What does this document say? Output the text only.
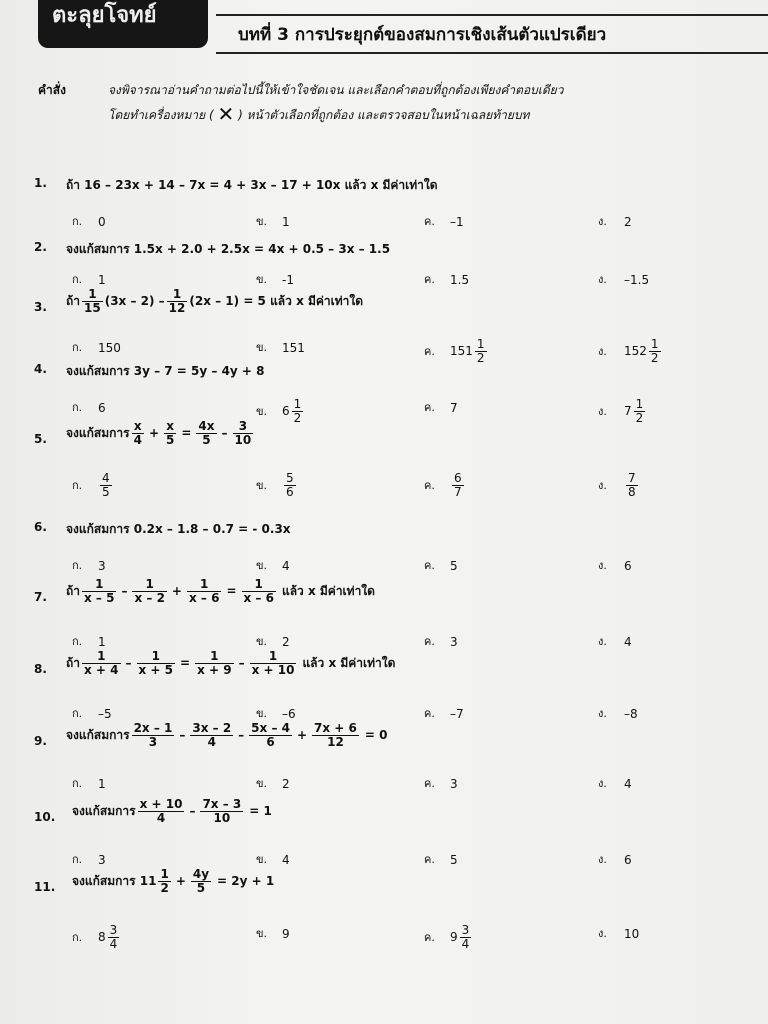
ตะลุยโจทย์
บทที่ 3 การประยุกต์ของสมการเชิงเส้นตัวแปรเดียว
คำสั่ง	จงพิจารณาอ่านคำถามต่อไปนี้ให้เข้าใจชัดเจน และเลือกคำตอบที่ถูกต้องเพียงคำตอบเดียว
โดยทำเครื่องหมาย ( ✕ ) หน้าตัวเลือกที่ถูกต้อง และตรวจสอบในหน้าเฉลยท้ายบท
1. ถ้า 16 – 23x + 14 – 7x = 4 + 3x – 17 + 10x แล้ว x มีค่าเท่าใด
ก. 0	ข. 1	ค. –1	ง. 2
2. จงแก้สมการ 1.5x + 2.0 + 2.5x = 4x + 0.5 – 3x – 1.5
ก. 1	ข. -1	ค. 1.5	ง. –1.5
3. ถ้า $\frac{1}{15} (3x - 2) - \frac{1}{12} (2x - 1) = 5$ แล้ว x มีค่าเท่าใด
ก. 150	ข. 151	ค. $151 \frac{1}{2}$	ง. $152 \frac{1}{2}$
4. จงแก้สมการ 3y – 7 = 5y – 4y + 8
ก. 6	ข. $6 \frac{1}{2}$	ค. 7	ง. $7 \frac{1}{2}$
5. จงแก้สมการ $\frac{x}{4} + \frac{x}{5} = \frac{4x}{5} - \frac{3}{10}$
ก. $\frac{4}{5}$	ข. $\frac{5}{6}$	ค. $\frac{6}{7}$	ง. $\frac{7}{8}$
6. จงแก้สมการ 0.2x – 1.8 – 0.7 = - 0.3x
ก. 3	ข. 4	ค. 5	ง. 6
7. ถ้า $\frac{1}{x - 5} - \frac{1}{x - 2} + \frac{1}{x - 6} = \frac{1}{x - 6}$ แล้ว x มีค่าเท่าใด
ก. 1	ข. 2	ค. 3	ง. 4
8. ถ้า $\frac{1}{x + 4} - \frac{1}{x + 5} = \frac{1}{x + 9} - \frac{1}{x + 10}$ แล้ว x มีค่าเท่าใด
ก. –5	ข. –6	ค. –7	ง. –8
9. จงแก้สมการ $\frac{2x - 1}{3} - \frac{3x - 2}{4} - \frac{5x - 4}{6} + \frac{7x + 6}{12} = 0$
ก. 1	ข. 2	ค. 3	ง. 4
10. จงแก้สมการ $\frac{x + 10}{4} - \frac{7x - 3}{10} = 1$
ก. 3	ข. 4	ค. 5	ง. 6
11. จงแก้สมการ $11 \frac{1}{2} + \frac{4y}{5} = 2y + 1$
ก. $8 \frac{3}{4}$	ข. 9	ค. $9 \frac{3}{4}$	ง. 10
